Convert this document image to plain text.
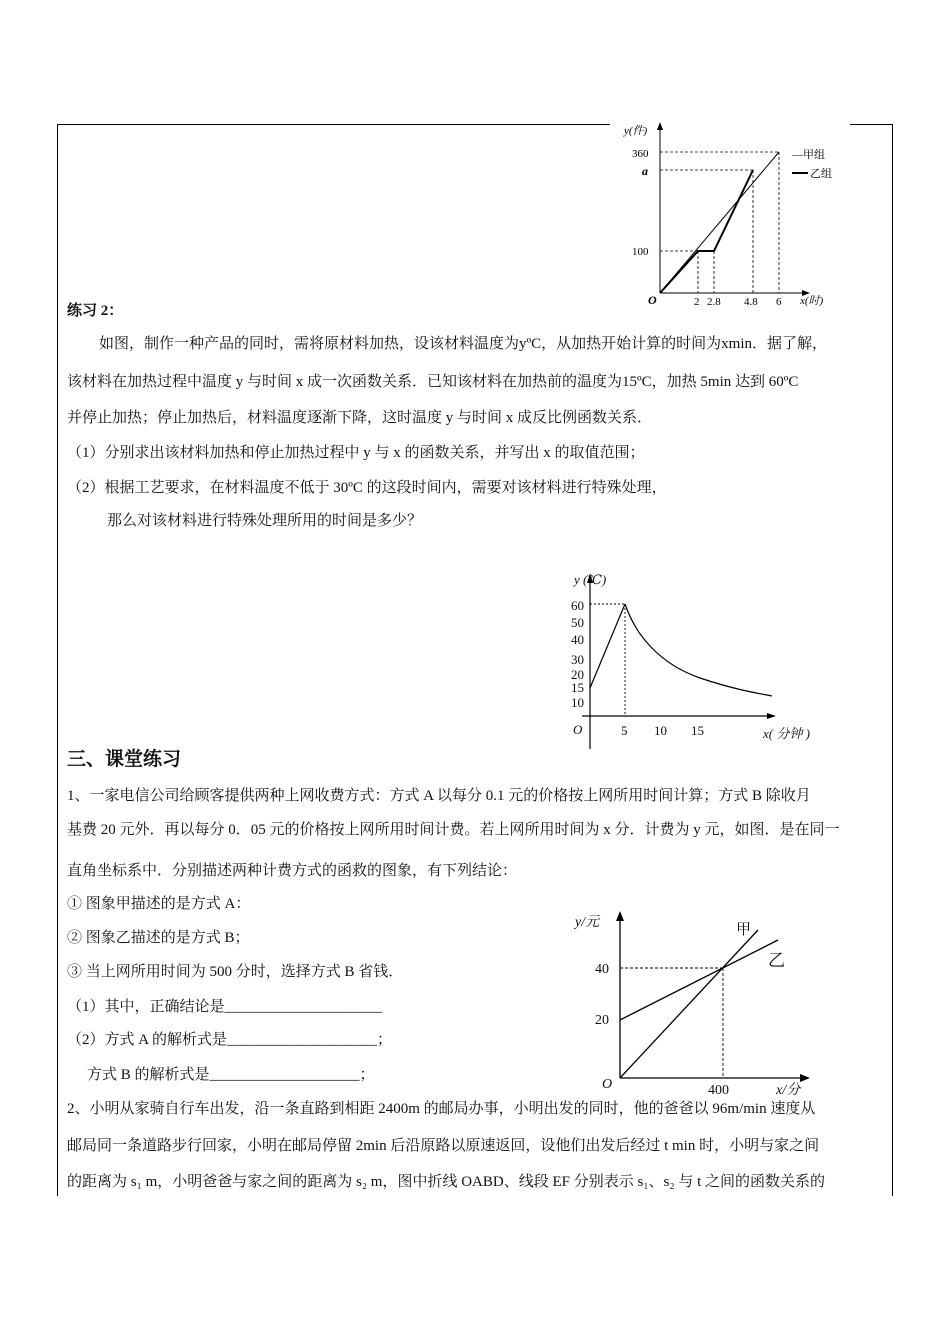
y(件)
x(时)
O
360
a
100
2 2.8 4.8 6
—甲组
乙组
练习 2：
如图，制作一种产品的同时，需将原材料加热，设该材料温度为yºC，从加热开始计算的时间为xmin．据了解，
该材料在加热过程中温度 y 与时间 x 成一次函数关系．已知该材料在加热前的温度为15ºC，加热 5min 达到 60ºC
并停止加热；停止加热后，材料温度逐渐下降，这时温度 y 与时间 x 成反比例函数关系．
（1）分别求出该材料加热和停止加热过程中 y 与 x 的函数关系，并写出 x 的取值范围；
（2）根据工艺要求，在材料温度不低于 30ºC 的这段时间内，需要对该材料进行特殊处理，
那么对该材料进行特殊处理所用的时间是多少？
y (℃)
x( 分钟 )
O
60
50
40
30
20
15
10
5 10 15
三、课堂练习
1、一家电信公司给顾客提供两种上网收费方式：方式 A 以每分 0.1 元的价格按上网所用时间计算；方式 B 除收月
基费 20 元外．再以每分 0．05 元的价格按上网所用时间计费。若上网所用时间为 x 分．计费为 y 元，如图．是在同一
直角坐标系中．分别描述两种计费方式的函救的图象，有下列结论：
① 图象甲描述的是方式 A：
② 图象乙描述的是方式 B；
③ 当上网所用时间为 500 分时，选择方式 B 省钱．
（1）其中，正确结论是_____________________
（2）方式 A 的解析式是____________________；
方式 B 的解析式是____________________；
2、小明从家骑自行车出发，沿一条直路到相距 2400m 的邮局办事，小明出发的同时，他的爸爸以 96m/min 速度从
邮局同一条道路步行回家，小明在邮局停留 2min 后沿原路以原速返回，设他们出发后经过 t min 时，小明与家之间
的距离为 s₁ m，小明爸爸与家之间的距离为 s₂ m，图中折线 OABD、线段 EF 分别表示 s₁、s₂ 与 t 之间的函数关系的
y/元
x/分
O
40
20
400
甲
乙
